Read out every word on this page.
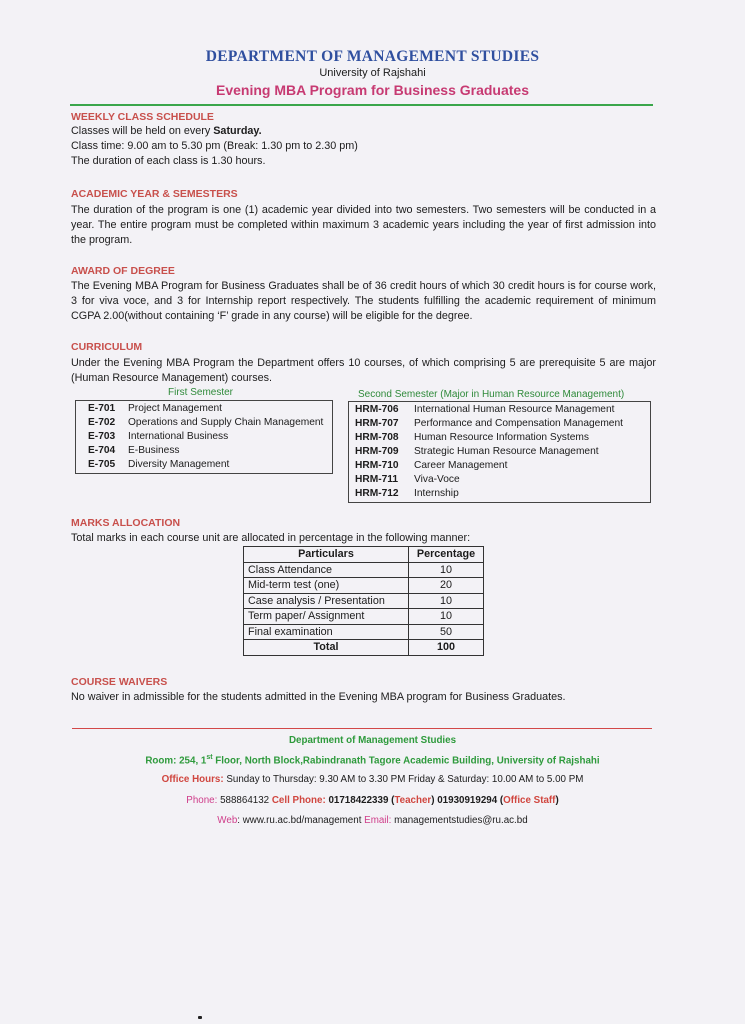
DEPARTMENT OF MANAGEMENT STUDIES
University of Rajshahi
Evening MBA Program for Business Graduates
WEEKLY CLASS SCHEDULE
Classes will be held on every Saturday.
Class time: 9.00 am to 5.30 pm (Break: 1.30 pm to 2.30 pm)
The duration of each class is 1.30 hours.
ACADEMIC YEAR & SEMESTERS
The duration of the program is one (1) academic year divided into two semesters. Two semesters will be conducted in a year. The entire program must be completed within maximum 3 academic years including the year of first admission into the program.
AWARD OF DEGREE
The Evening MBA Program for Business Graduates shall be of 36 credit hours of which 30 credit hours is for course work, 3 for viva voce, and 3 for Internship report respectively. The students fulfilling the academic requirement of minimum CGPA 2.00(without containing ‘F’ grade in any course) will be eligible for the degree.
CURRICULUM
Under the Evening MBA Program the Department offers 10 courses, of which comprising 5 are prerequisite 5 are major (Human Resource Management) courses.
First Semester
E-701 Project Management
E-702 Operations and Supply Chain Management
E-703 International Business
E-704 E-Business
E-705 Diversity Management
Second Semester (Major in Human Resource Management)
HRM-706 International Human Resource Management
HRM-707 Performance and Compensation Management
HRM-708 Human Resource Information Systems
HRM-709 Strategic Human Resource Management
HRM-710 Career Management
HRM-711 Viva-Voce
HRM-712 Internship
MARKS ALLOCATION
Total marks in each course unit are allocated in percentage in the following manner:
Particulars	Percentage
Class Attendance	10
Mid-term test (one)	20
Case analysis / Presentation	10
Term paper/ Assignment	10
Final examination	50
Total	100
COURSE WAIVERS
No waiver in admissible for the students admitted in the Evening MBA program for Business Graduates.
Department of Management Studies
Room: 254, 1st Floor, North Block,Rabindranath Tagore Academic Building, University of Rajshahi
Office Hours: Sunday to Thursday: 9.30 AM to 3.30 PM Friday & Saturday: 10.00 AM to 5.00 PM
Phone: 588864132 Cell Phone: 01718422339 (Teacher) 01930919294 (Office Staff)
Web: www.ru.ac.bd/management Email: managementstudies@ru.ac.bd
